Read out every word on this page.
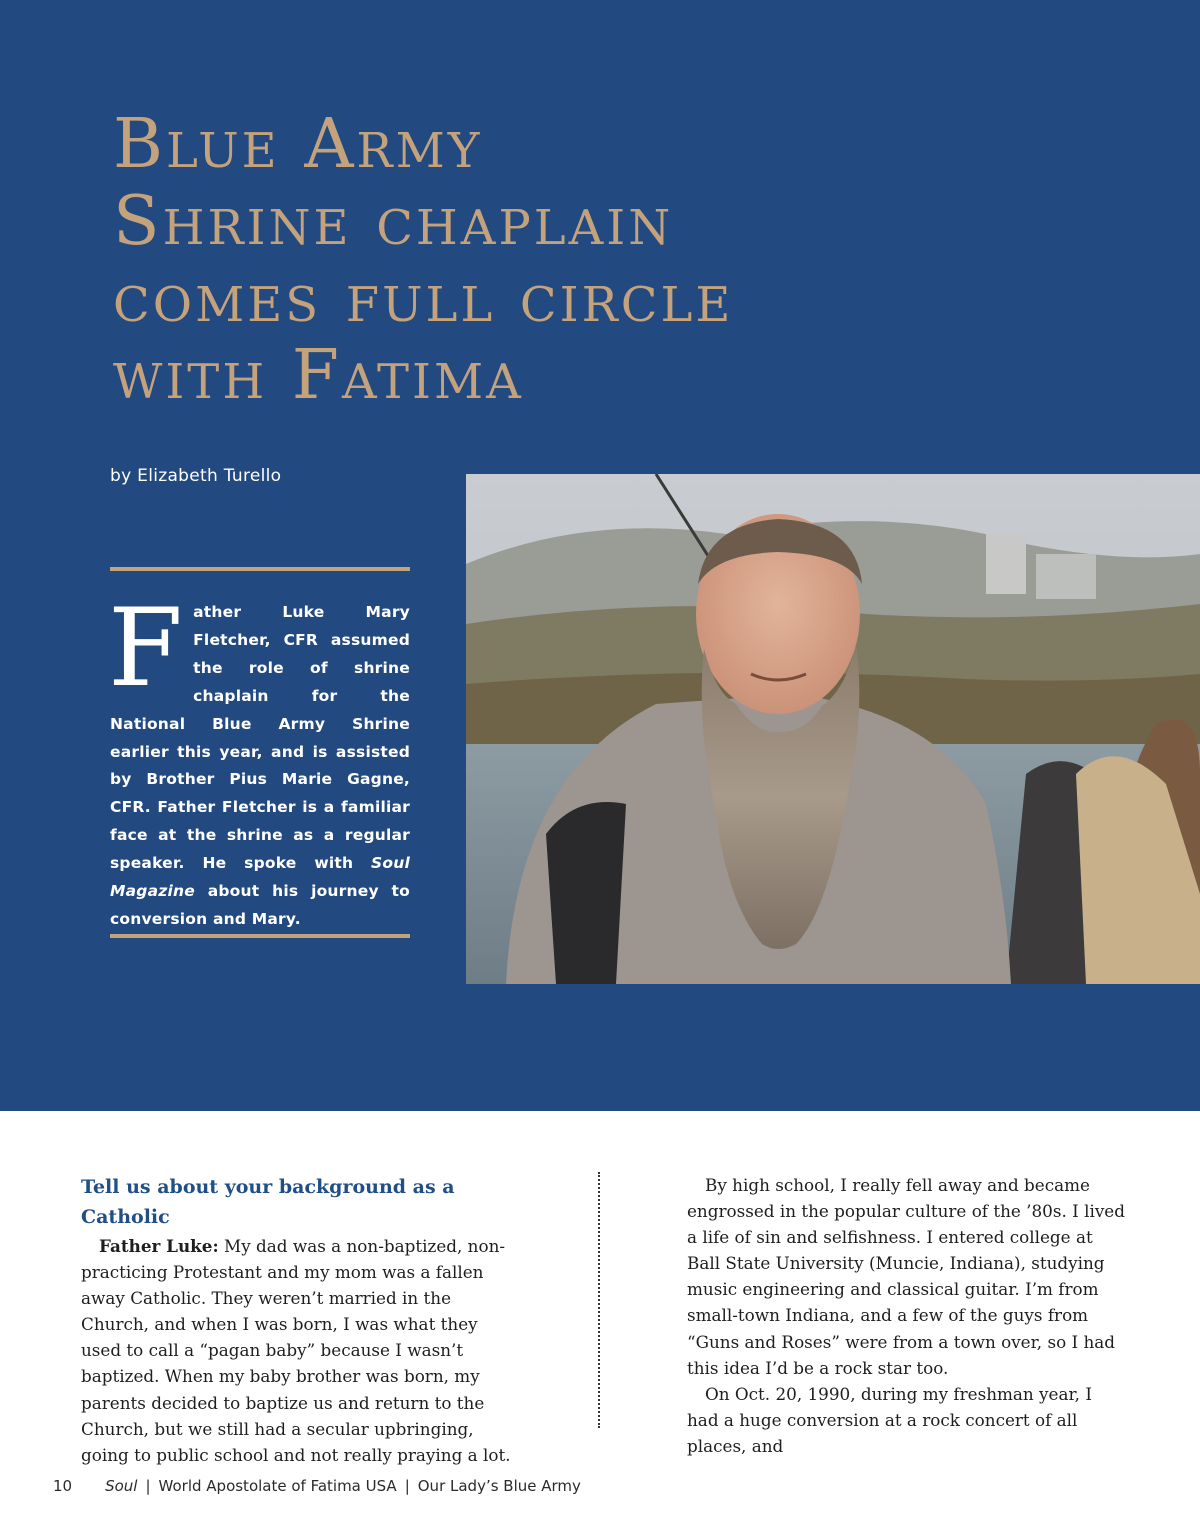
Blue Army
Shrine chaplain
comes full circle
with Fatima
by Elizabeth Turello

Father Luke Mary Fletcher, CFR assumed the role of shrine chaplain for the National Blue Army Shrine earlier this year, and is assisted by Brother Pius Marie Gagne, CFR. Father Fletcher is a familiar face at the shrine as a regular speaker. He spoke with Soul Magazine about his journey to conversion and Mary.

Tell us about your background as a Catholic

Father Luke: My dad was a non-baptized, non-practicing Protestant and my mom was a fallen away Catholic. They weren’t married in the Church, and when I was born, I was what they used to call a “pagan baby” because I wasn’t baptized. When my baby brother was born, my parents decided to baptize us and return to the Church, but we still had a secular upbringing, going to public school and not really praying a lot.

By high school, I really fell away and became engrossed in the popular culture of the ’80s. I lived a life of sin and selfishness. I entered college at Ball State University (Muncie, Indiana), studying music engineering and classical guitar. I’m from small-town Indiana, and a few of the guys from “Guns and Roses” were from a town over, so I had this idea I’d be a rock star too.

On Oct. 20, 1990, during my freshman year, I had a huge conversion at a rock concert of all places, and

10 Soul | World Apostolate of Fatima USA | Our Lady’s Blue Army
